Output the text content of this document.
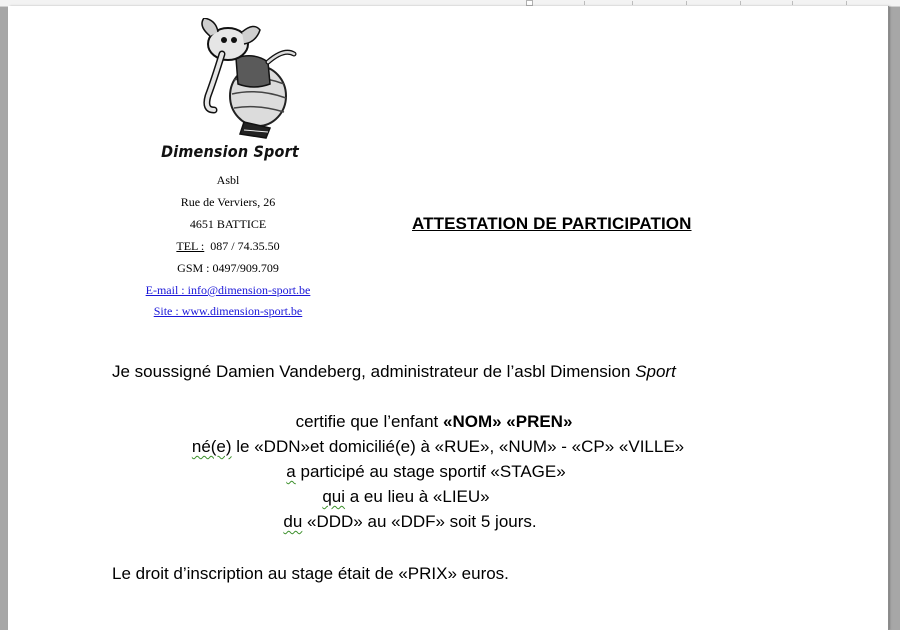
Dimension Sport
Asbl
Rue de Verviers, 26
4651 BATTICE
TEL : 087 / 74.35.50
GSM : 0497/909.709
E-mail : info@dimension-sport.be
Site : www.dimension-sport.be
ATTESTATION DE PARTICIPATION
Je soussigné Damien Vandeberg, administrateur de l’asbl Dimension Sport
certifie que l’enfant «NOM» «PREN»
né(e) le «DDN»et domicilié(e) à «RUE», «NUM» - «CP» «VILLE»
a participé au stage sportif «STAGE»
qui a eu lieu à «LIEU»
du «DDD» au «DDF» soit 5 jours.
Le droit d’inscription au stage était de «PRIX» euros.
